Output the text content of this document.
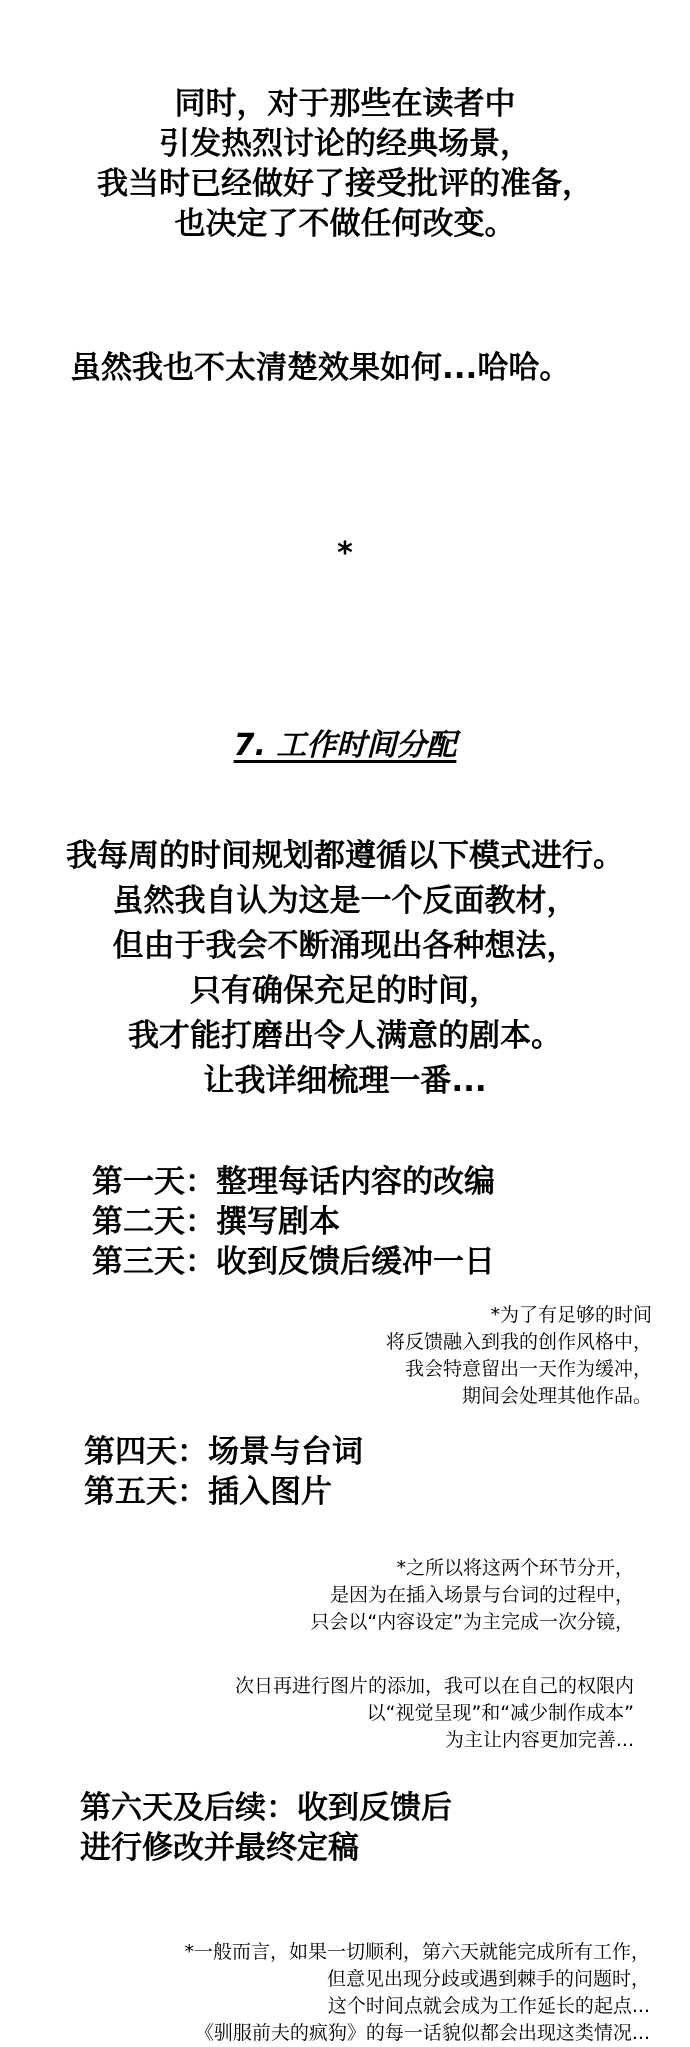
同时，对于那些在读者中
引发热烈讨论的经典场景，
我当时已经做好了接受批评的准备，
也决定了不做任何改变。
虽然我也不太清楚效果如何...哈哈。
*
7. 工作时间分配
我每周的时间规划都遵循以下模式进行。
虽然我自认为这是一个反面教材，
但由于我会不断涌现出各种想法，
只有确保充足的时间，
我才能打磨出令人满意的剧本。
让我详细梳理一番...
第一天：整理每话内容的改编
第二天：撰写剧本
第三天：收到反馈后缓冲一日
*为了有足够的时间
将反馈融入到我的创作风格中，
我会特意留出一天作为缓冲，
期间会处理其他作品。
第四天：场景与台词
第五天：插入图片
*之所以将这两个环节分开，
是因为在插入场景与台词的过程中，
只会以“内容设定”为主完成一次分镜，
次日再进行图片的添加，我可以在自己的权限内
以“视觉呈现”和“减少制作成本”
为主让内容更加完善...
第六天及后续：收到反馈后
进行修改并最终定稿
*一般而言，如果一切顺利，第六天就能完成所有工作，
但意见出现分歧或遇到棘手的问题时，
这个时间点就会成为工作延长的起点...
《驯服前夫的疯狗》的每一话貌似都会出现这类情况...
